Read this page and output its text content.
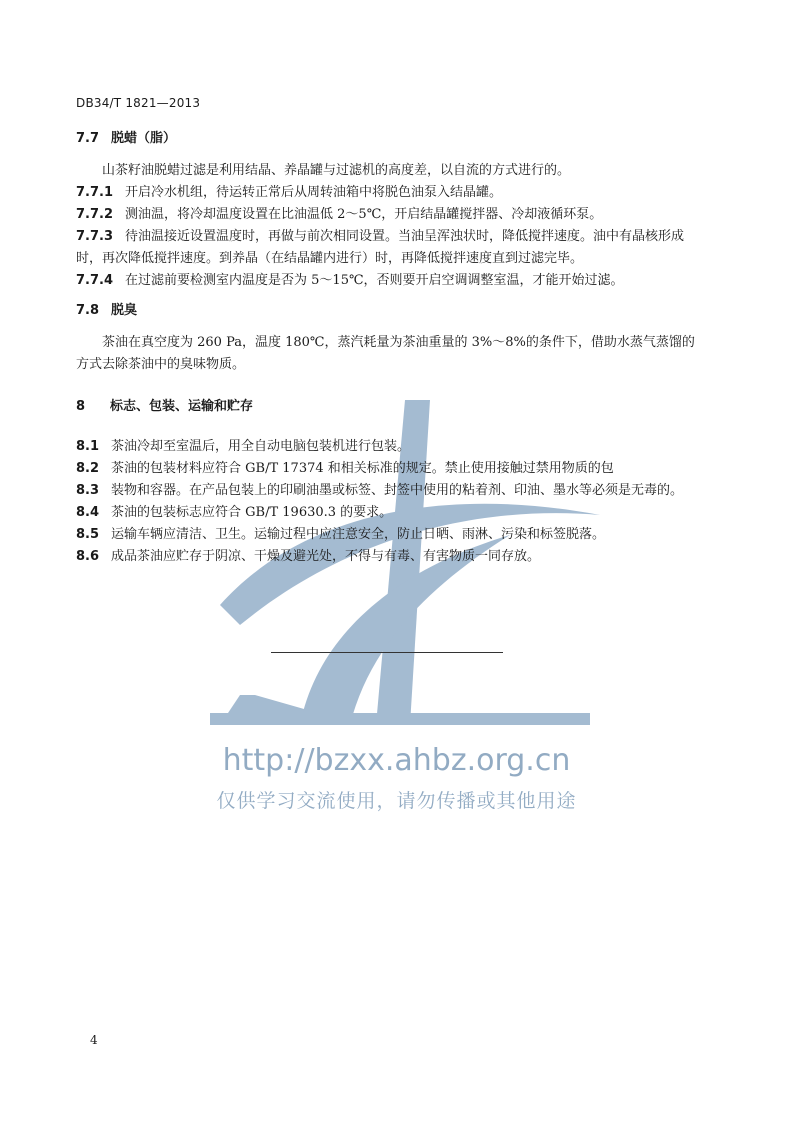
http://bzxx.ahbz.org.cn
仅供学习交流使用，请勿传播或其他用途
DB34/T 1821—2013
7.7 脱蜡（脂）

山茶籽油脱蜡过滤是利用结晶、养晶罐与过滤机的高度差，以自流的方式进行的。

7.7.1 开启冷水机组，待运转正常后从周转油箱中将脱色油泵入结晶罐。

7.7.2 测油温，将冷却温度设置在比油温低 2～5℃，开启结晶罐搅拌器、冷却液循环泵。

7.7.3 待油温接近设置温度时，再做与前次相同设置。当油呈浑浊状时，降低搅拌速度。油中有晶核形成时，再次降低搅拌速度。到养晶（在结晶罐内进行）时，再降低搅拌速度直到过滤完毕。

7.7.4 在过滤前要检测室内温度是否为 5～15℃，否则要开启空调调整室温，才能开始过滤。

7.8 脱臭

茶油在真空度为 260 Pa，温度 180℃，蒸汽耗量为茶油重量的 3%～8%的条件下，借助水蒸气蒸馏的方式去除茶油中的臭味物质。

8 标志、包装、运输和贮存

8.1 茶油冷却至室温后，用全自动电脑包装机进行包装。

8.2 茶油的包装材料应符合 GB/T 17374 和相关标准的规定。禁止使用接触过禁用物质的包

8.3 装物和容器。在产品包装上的印刷油墨或标签、封签中使用的粘着剂、印油、墨水等必须是无毒的。

8.4 茶油的包装标志应符合 GB/T 19630.3 的要求。

8.5 运输车辆应清洁、卫生。运输过程中应注意安全，防止日晒、雨淋、污染和标签脱落。

8.6 成品茶油应贮存于阴凉、干燥及避光处，不得与有毒、有害物质一同存放。

4
